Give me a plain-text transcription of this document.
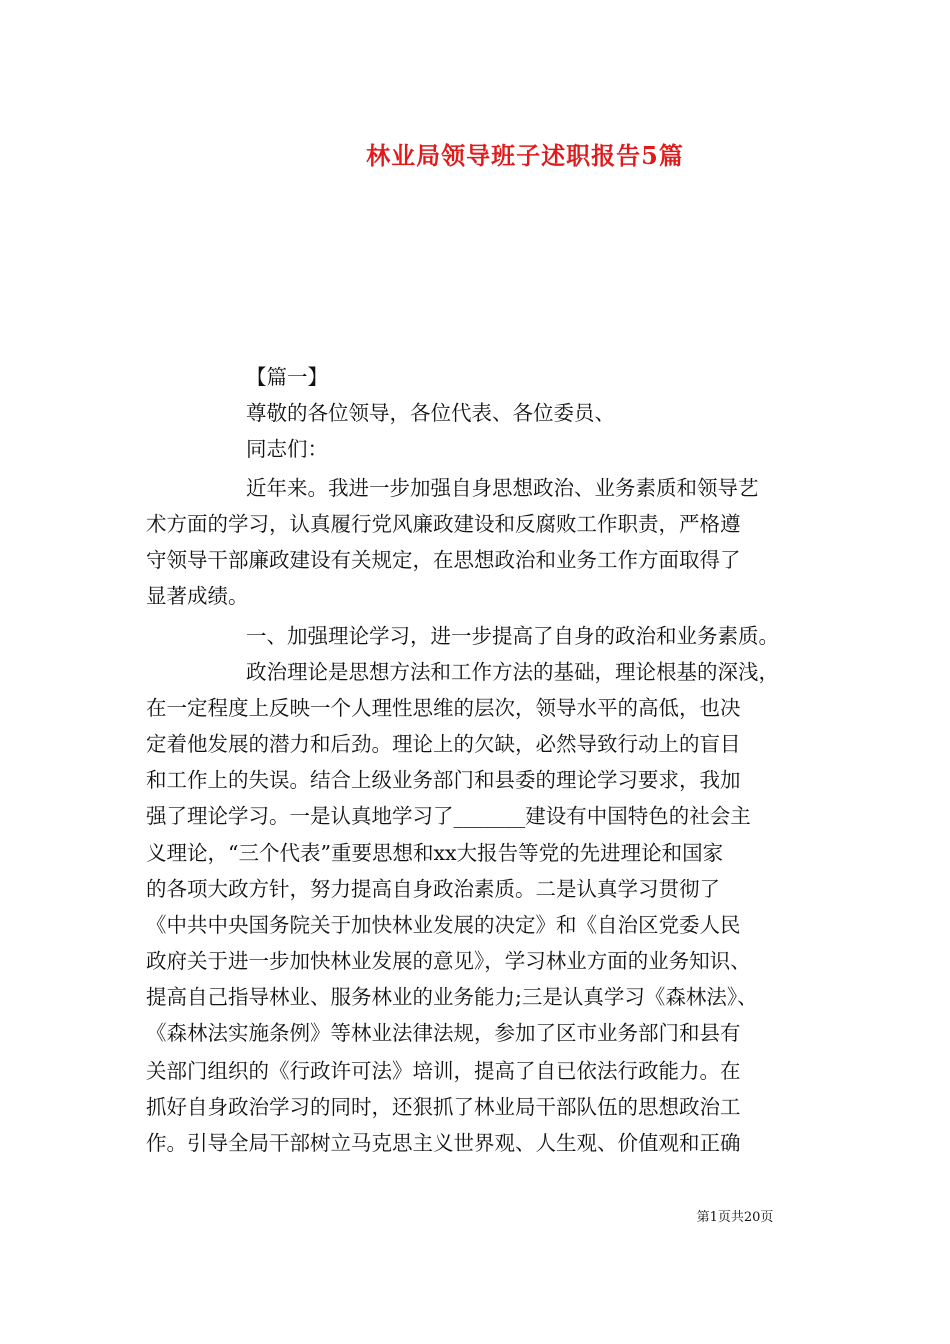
林业局领导班子述职报告5篇
【篇一】
尊敬的各位领导，各位代表、各位委员、
同志们：
近年来。我进一步加强自身思想政治、业务素质和领导艺
术方面的学习，认真履行党风廉政建设和反腐败工作职责，严格遵
守领导干部廉政建设有关规定，在思想政治和业务工作方面取得了
显著成绩。
一、加强理论学习，进一步提高了自身的政治和业务素质。
政治理论是思想方法和工作方法的基础，理论根基的深浅，
在一定程度上反映一个人理性思维的层次，领导水平的高低，也决
定着他发展的潜力和后劲。理论上的欠缺，必然导致行动上的盲目
和工作上的失误。结合上级业务部门和县委的理论学习要求，我加
强了理论学习。一是认真地学习了_______建设有中国特色的社会主
义理论，“三个代表”重要思想和xx大报告等党的先进理论和国家
的各项大政方针，努力提高自身政治素质。二是认真学习贯彻了
《中共中央国务院关于加快林业发展的决定》和《自治区党委人民
政府关于进一步加快林业发展的意见》，学习林业方面的业务知识、
提高自己指导林业、服务林业的业务能力;三是认真学习《森林法》、
《森林法实施条例》等林业法律法规，参加了区市业务部门和县有
关部门组织的《行政许可法》培训，提高了自已依法行政能力。在
抓好自身政治学习的同时，还狠抓了林业局干部队伍的思想政治工
作。引导全局干部树立马克思主义世界观、人生观、价值观和正确
第1页共20页
